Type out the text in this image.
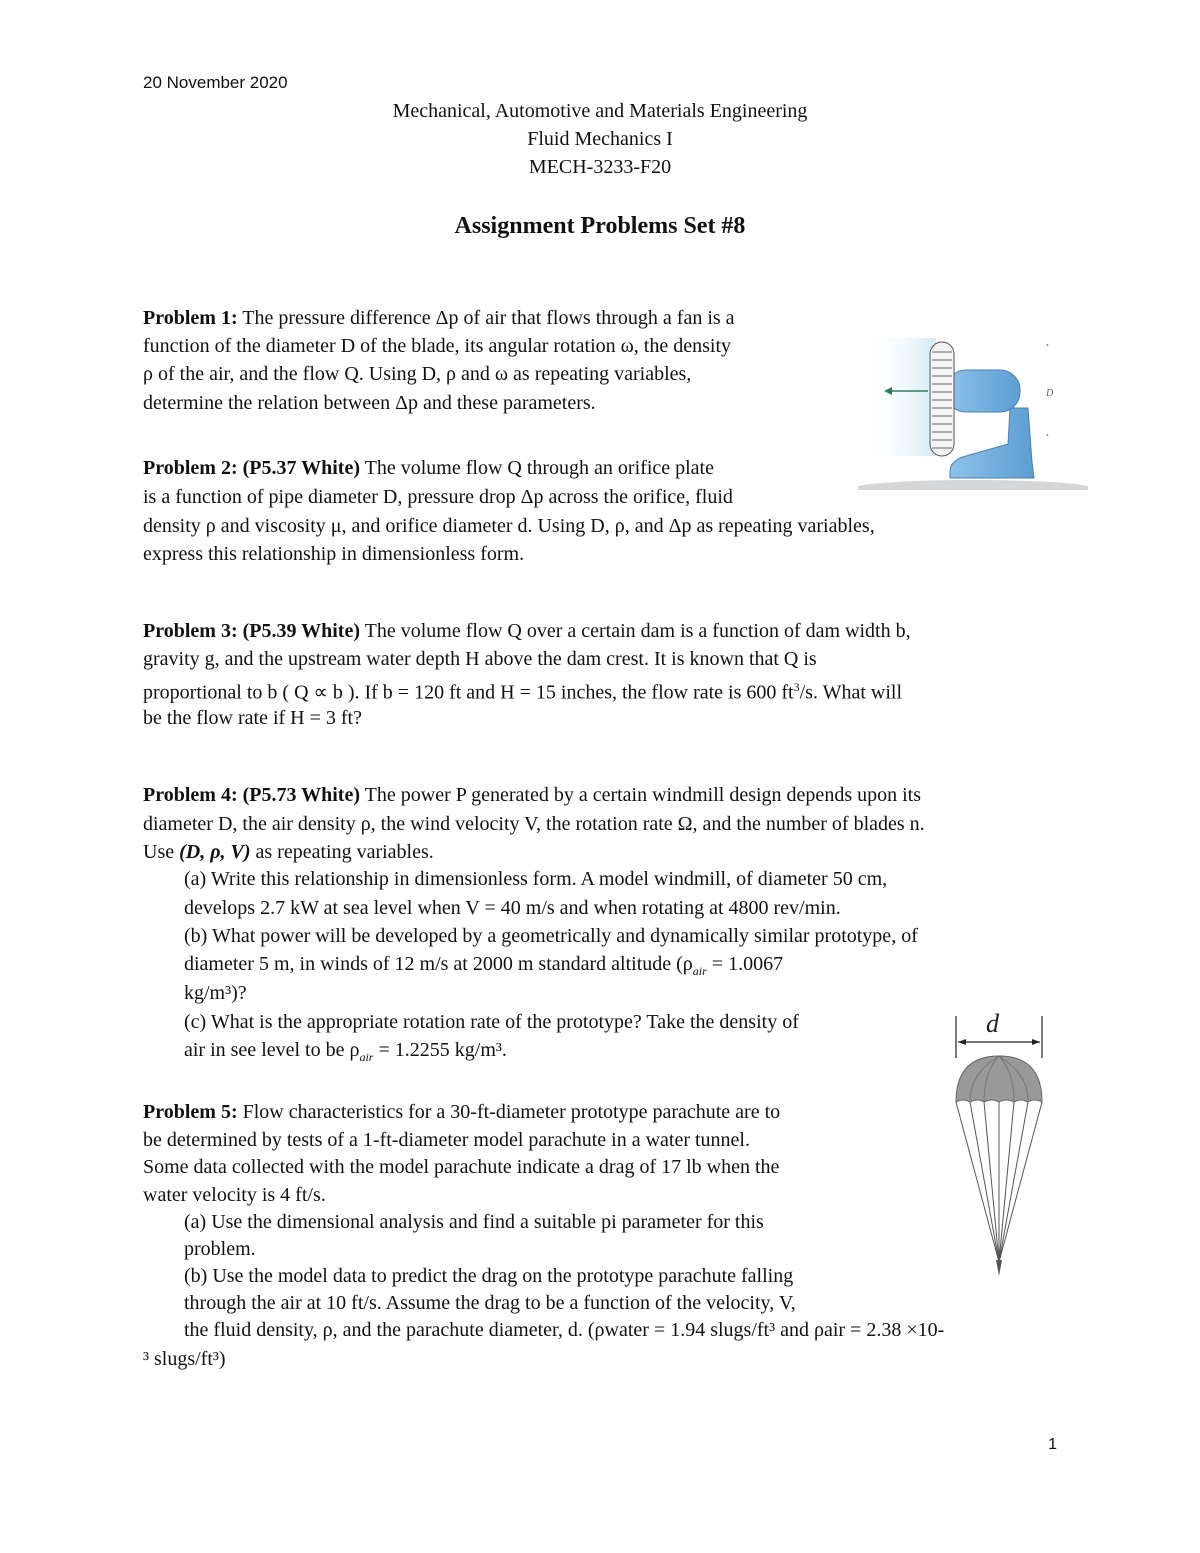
20 November 2020
Mechanical, Automotive and Materials Engineering
Fluid Mechanics I
MECH-3233-F20
Assignment Problems Set #8
Problem 1: The pressure difference Δp of air that flows through a fan is a
function of the diameter D of the blade, its angular rotation ω, the density
ρ of the air, and the flow Q. Using D, ρ and ω as repeating variables,
determine the relation between Δp and these parameters.
•
D
•
Problem 2: (P5.37 White) The volume flow Q through an orifice plate
is a function of pipe diameter D, pressure drop Δp across the orifice, fluid
density ρ and viscosity μ, and orifice diameter d. Using D, ρ, and Δp as repeating variables,
express this relationship in dimensionless form.
Problem 3: (P5.39 White) The volume flow Q over a certain dam is a function of dam width b,
gravity g, and the upstream water depth H above the dam crest. It is known that Q is
proportional to b ( Q ∝ b ). If b = 120 ft and H = 15 inches, the flow rate is 600 $ft^3/s$. What will
be the flow rate if H = 3 ft?
Problem 4: (P5.73 White) The power P generated by a certain windmill design depends upon its
diameter D, the air density ρ, the wind velocity V, the rotation rate Ω, and the number of blades n.
Use (D, ρ, V) as repeating variables.
(a) Write this relationship in dimensionless form. A model windmill, of diameter 50 cm,
develops 2.7 kW at sea level when V = 40 m/s and when rotating at 4800 rev/min.
(b) What power will be developed by a geometrically and dynamically similar prototype, of
diameter 5 m, in winds of 12 m/s at 2000 m standard altitude ($\rho_{air} = 1.0067$
kg/m³)?
(c) What is the appropriate rotation rate of the prototype? Take the density of
air in see level to be $\rho_{air} = 1.2255$ kg/m³.
d
Problem 5: Flow characteristics for a 30-ft-diameter prototype parachute are to
be determined by tests of a 1-ft-diameter model parachute in a water tunnel.
Some data collected with the model parachute indicate a drag of 17 lb when the
water velocity is 4 ft/s.
(a) Use the dimensional analysis and find a suitable pi parameter for this
problem.
(b) Use the model data to predict the drag on the prototype parachute falling
through the air at 10 ft/s. Assume the drag to be a function of the velocity, V,
the fluid density, ρ, and the parachute diameter, d. (ρwater = 1.94 slugs/ft³ and ρair = 2.38 ×10-
³ slugs/ft³)
1
